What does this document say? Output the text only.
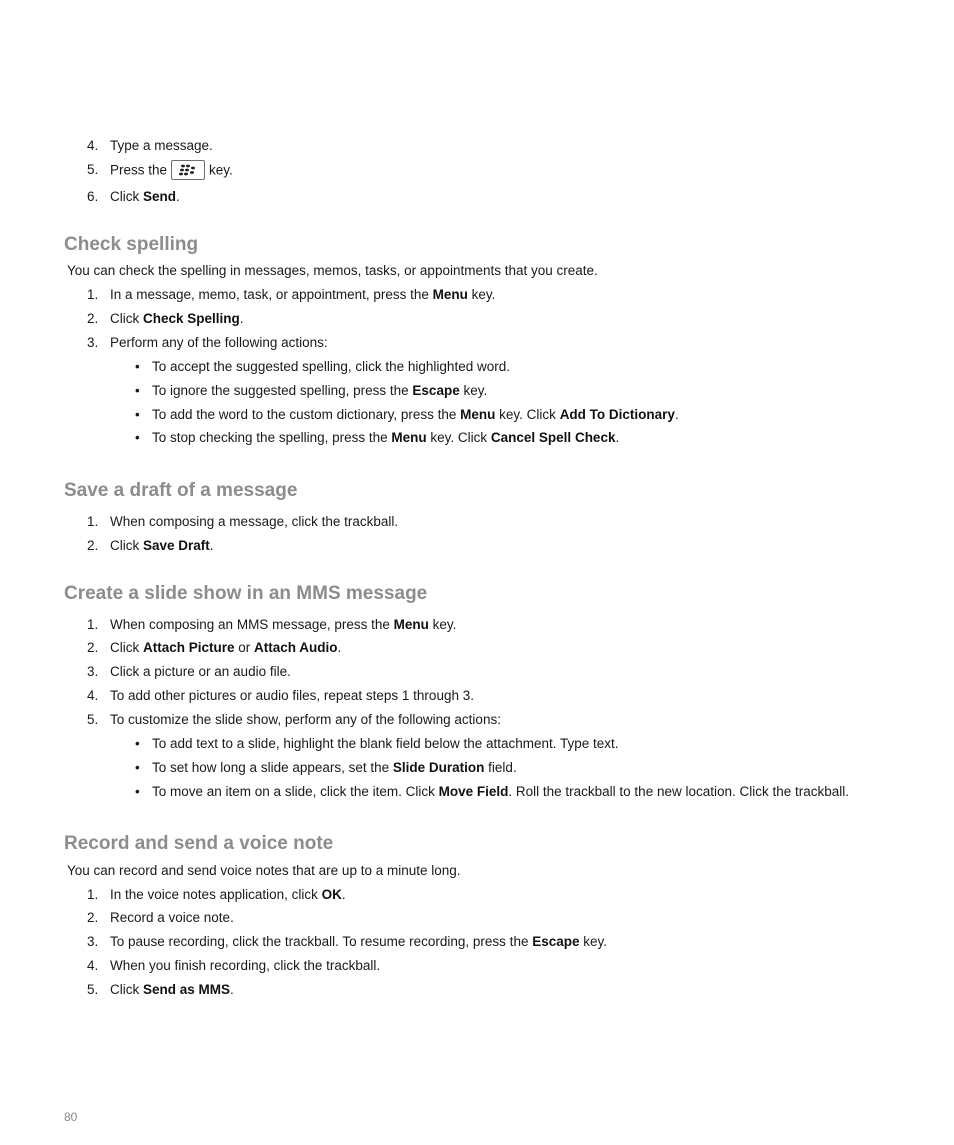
4. Type a message.
5. Press the	key.
6. Click Send.
Check spelling
You can check the spelling in messages, memos, tasks, or appointments that you create.
1. In a message, memo, task, or appointment, press the Menu key.
2. Click Check Spelling.
3. Perform any of the following actions:
• To accept the suggested spelling, click the highlighted word.
• To ignore the suggested spelling, press the Escape key.
• To add the word to the custom dictionary, press the Menu key. Click Add To Dictionary.
• To stop checking the spelling, press the Menu key. Click Cancel Spell Check.
Save a draft of a message
1. When composing a message, click the trackball.
2. Click Save Draft.
Create a slide show in an MMS message
1. When composing an MMS message, press the Menu key.
2. Click Attach Picture or Attach Audio.
3. Click a picture or an audio file.
4. To add other pictures or audio files, repeat steps 1 through 3.
5. To customize the slide show, perform any of the following actions:
• To add text to a slide, highlight the blank field below the attachment. Type text.
• To set how long a slide appears, set the Slide Duration field.
• To move an item on a slide, click the item. Click Move Field. Roll the trackball to the new location. Click the trackball.
Record and send a voice note
You can record and send voice notes that are up to a minute long.
1. In the voice notes application, click OK.
2. Record a voice note.
3. To pause recording, click the trackball. To resume recording, press the Escape key.
4. When you finish recording, click the trackball.
5. Click Send as MMS.
80
